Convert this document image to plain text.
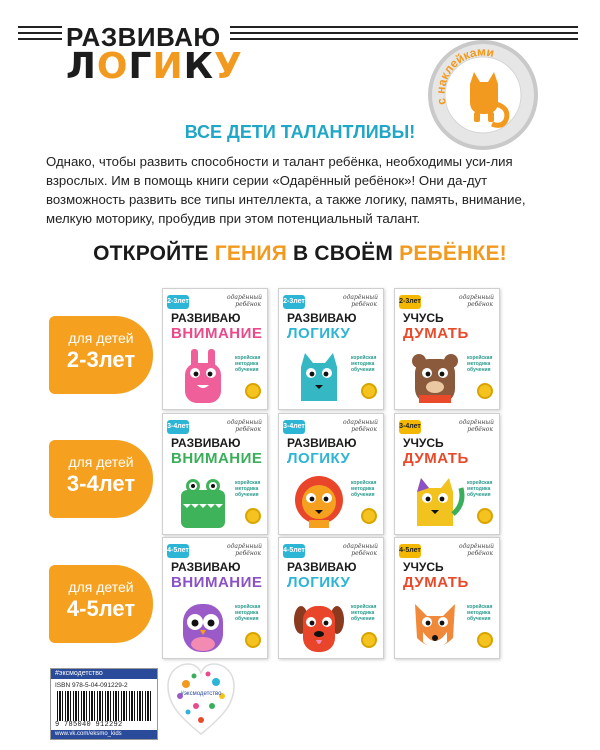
РАЗВИВАЮ
ЛОГИКУ
с наклейками
ВСЕ ДЕТИ ТАЛАНТЛИВЫ!
Однако, чтобы развить способности и талант ребёнка, необходимы уси-лия взрослых. Им в помощь книги серии «Одарённый ребёнок»! Они да-дут возможность развить все типы интеллекта, а также логику, память, внимание, мелкую моторику, пробудив при этом потенциальный талант.
ОТКРОЙТЕ ГЕНИЯ В СВОЁМ РЕБЁНКЕ!
для детей
2-3лет
для детей
3-4лет
для детей
4-5лет
2-3лет
одарённый ребёнок
РАЗВИВАЮ
ВНИМАНИЕ
корейская методика обучения
2-3лет
одарённый ребёнок
РАЗВИВАЮ
ЛОГИКУ
корейская методика обучения
2-3лет
одарённый ребёнок
УЧУСЬ
ДУМАТЬ
корейская методика обучения
3-4лет
одарённый ребёнок
РАЗВИВАЮ
ВНИМАНИЕ
корейская методика обучения
3-4лет
одарённый ребёнок
РАЗВИВАЮ
ЛОГИКУ
корейская методика обучения
3-4лет
одарённый ребёнок
УЧУСЬ
ДУМАТЬ
корейская методика обучения
4-5лет
одарённый ребёнок
РАЗВИВАЮ
ВНИМАНИЕ
корейская методика обучения
4-5лет
одарённый ребёнок
РАЗВИВАЮ
ЛОГИКУ
корейская методика обучения
4-5лет
одарённый ребёнок
УЧУСЬ
ДУМАТЬ
корейская методика обучения
#эксмодетство
ISBN 978-5-04-091229-2
9 785040 912292
www.vk.com/eksmo_kids
#эксмодетство
